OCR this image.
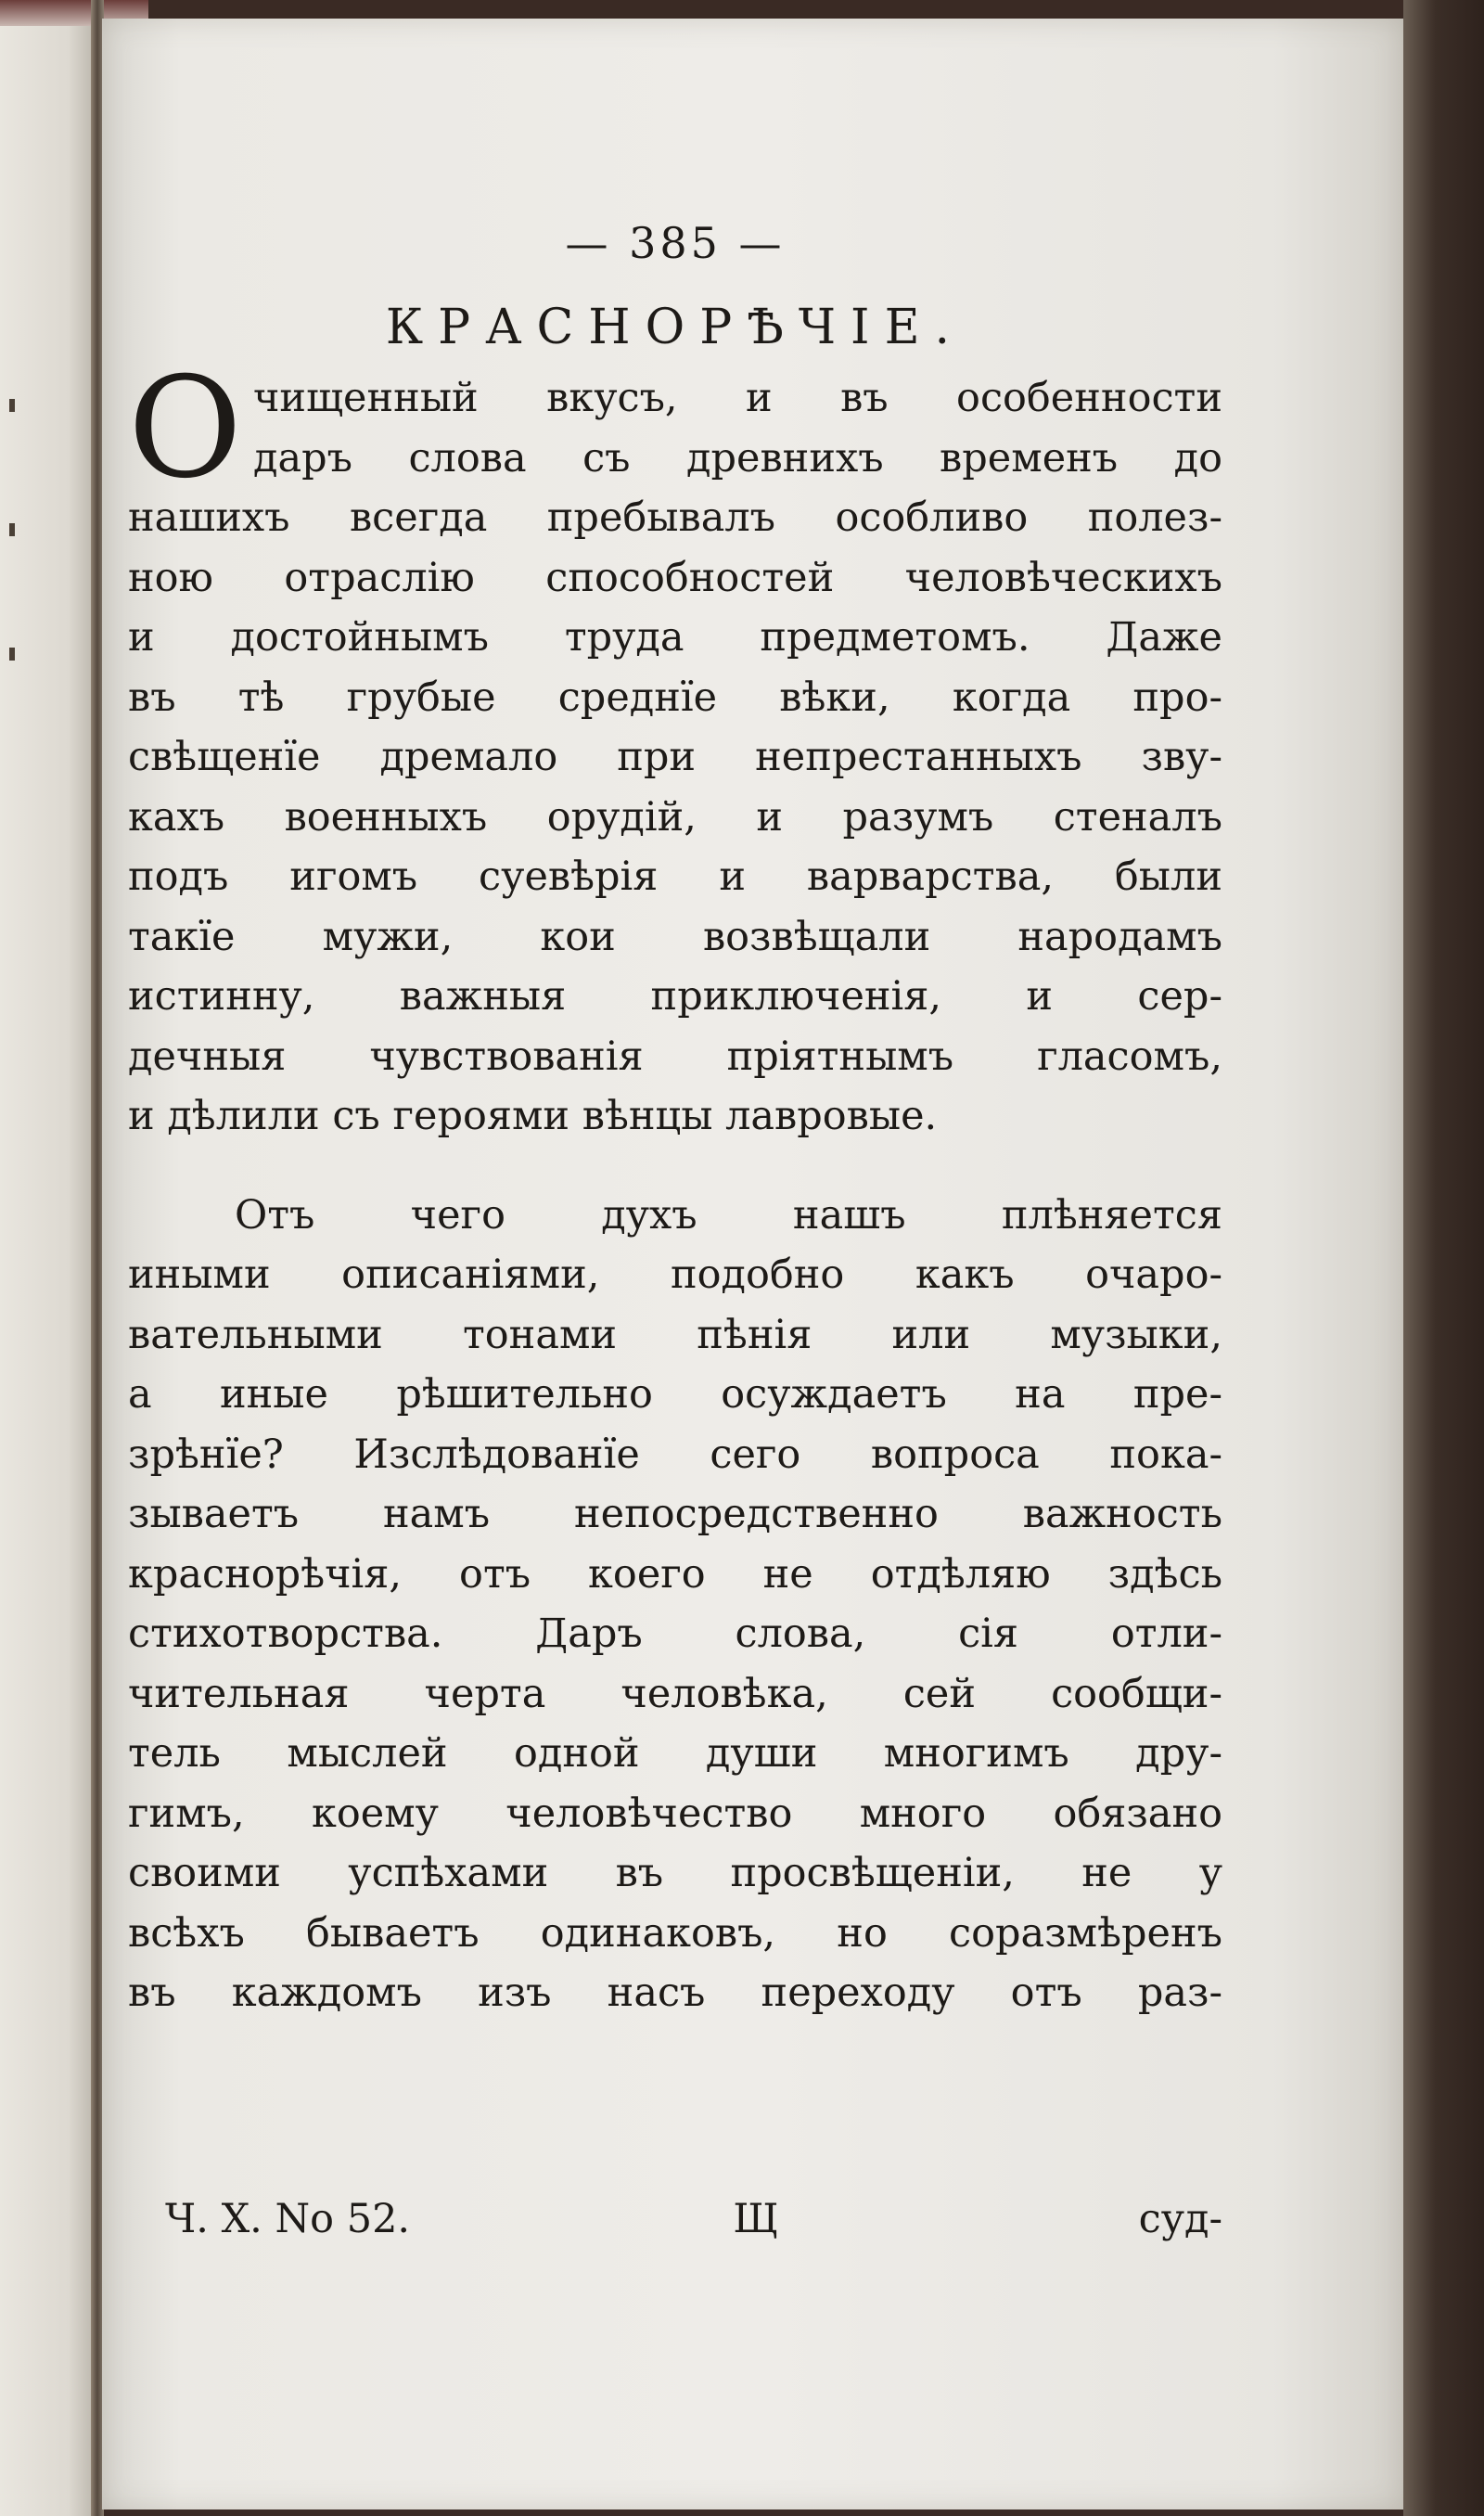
— 385 —
КРАСНОРѢЧІЕ.
О чищенный вкусъ, и въ особенности
даръ слова съ древнихъ временъ до
нашихъ всегда пребывалъ особливо полез-
ною отраслію способностей человѣческихъ
и достойнымъ труда предметомъ. Даже
въ тѣ грубые среднїе вѣки, когда про-
свѣщенїе дремало при непрестанныхъ зву-
кахъ военныхъ орудій, и разумъ стеналъ
подъ игомъ суевѣрія и варварства, были
такїе мужи, кои возвѣщали народамъ
истинну, важныя приключенія, и сер-
дечныя чувствованія пріятнымъ гласомъ,
и дѣлили съ героями вѣнцы лавровые.
Отъ чего духъ нашъ плѣняется
иными описаніями, подобно какъ очаро-
вательными тонами пѣнія или музыки,
а иные рѣшительно осуждаетъ на пре-
зрѣнїе? Изслѣдованїе сего вопроса пока-
зываетъ намъ непосредственно важность
краснорѣчія, отъ коего не отдѣляю здѣсь
стихотворства. Даръ слова, сія отли-
чительная черта человѣка, сей сообщи-
тель мыслей одной души многимъ дру-
гимъ, коему человѣчество много обязано
своими успѣхами въ просвѣщеніи, не у
всѣхъ бываетъ одинаковъ, но соразмѣренъ
въ каждомъ изъ насъ переходу отъ раз-
Ч. X. No 52.	Щ	суд-
